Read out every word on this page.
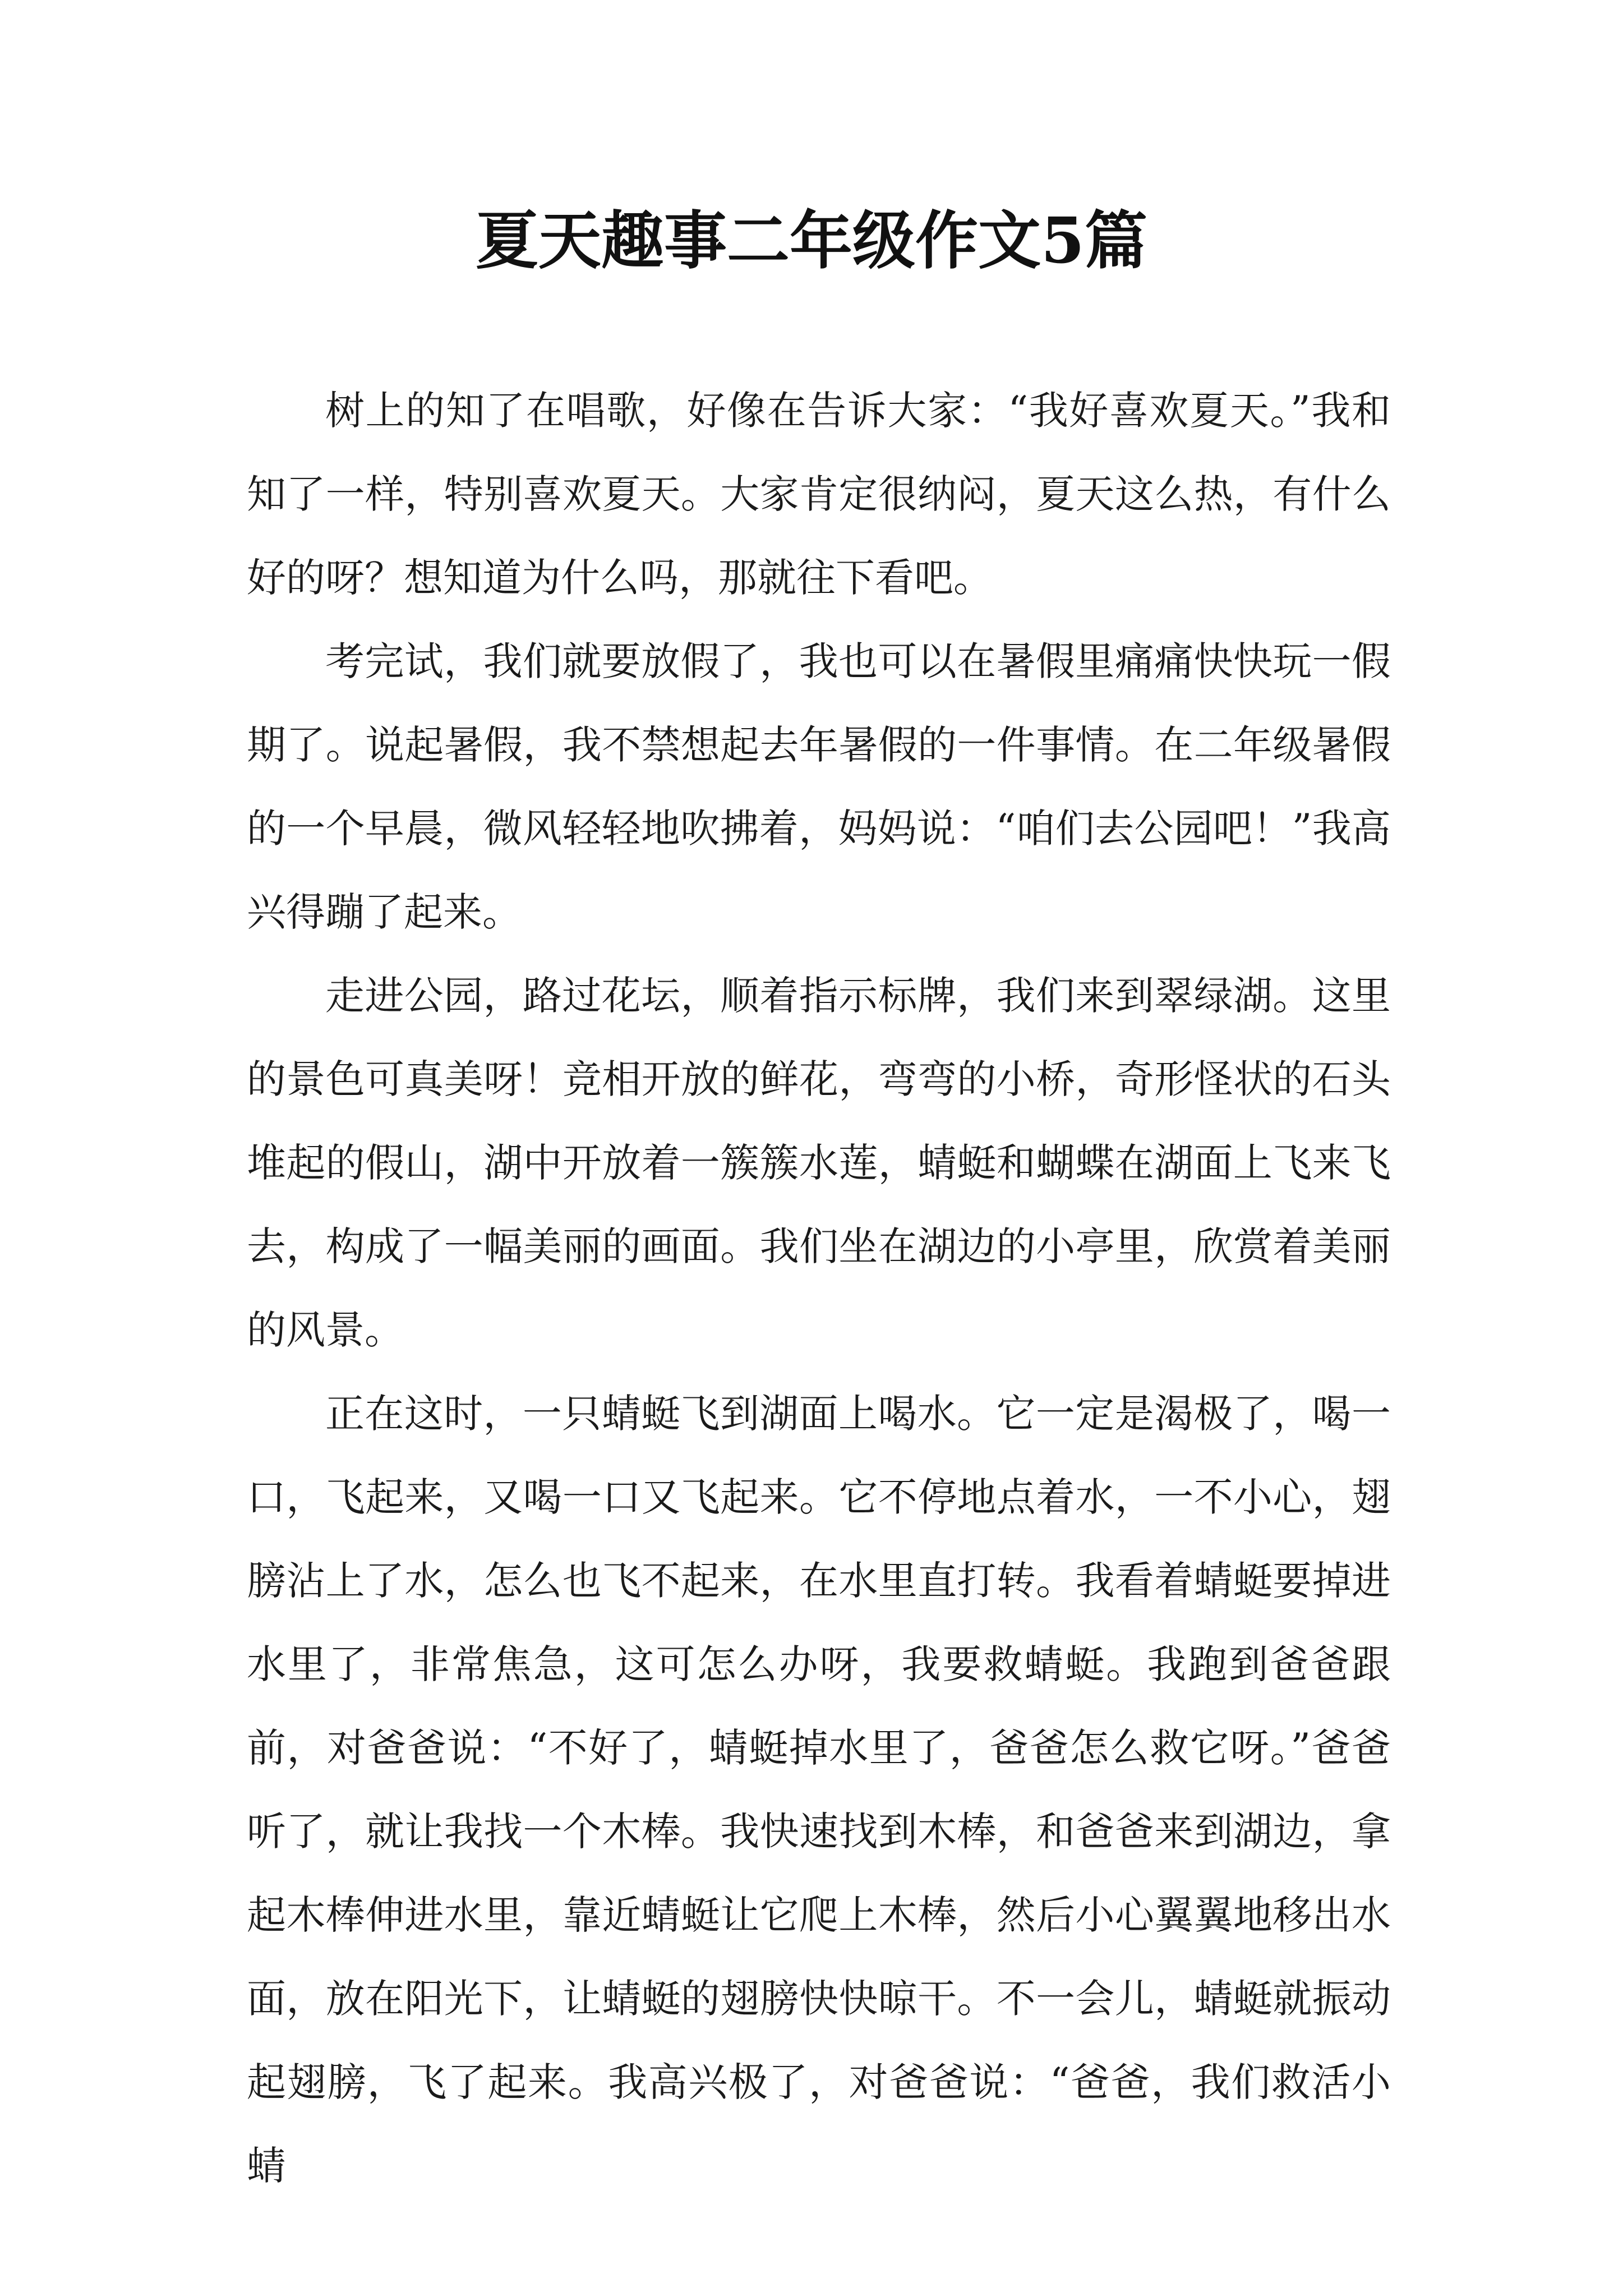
夏天趣事二年级作文5篇

树上的知了在唱歌，好像在告诉大家：“我好喜欢夏天。”我和知了一样，特别喜欢夏天。大家肯定很纳闷，夏天这么热，有什么好的呀？想知道为什么吗，那就往下看吧。

考完试，我们就要放假了，我也可以在暑假里痛痛快快玩一假期了。说起暑假，我不禁想起去年暑假的一件事情。在二年级暑假的一个早晨，微风轻轻地吹拂着，妈妈说：“咱们去公园吧！”我高兴得蹦了起来。

走进公园，路过花坛，顺着指示标牌，我们来到翠绿湖。这里的景色可真美呀！竞相开放的鲜花，弯弯的小桥，奇形怪状的石头堆起的假山，湖中开放着一簇簇水莲，蜻蜓和蝴蝶在湖面上飞来飞去，构成了一幅美丽的画面。我们坐在湖边的小亭里，欣赏着美丽的风景。

正在这时，一只蜻蜓飞到湖面上喝水。它一定是渴极了，喝一口，飞起来，又喝一口又飞起来。它不停地点着水，一不小心，翅膀沾上了水，怎么也飞不起来，在水里直打转。我看着蜻蜓要掉进水里了，非常焦急，这可怎么办呀，我要救蜻蜓。我跑到爸爸跟前，对爸爸说：“不好了，蜻蜓掉水里了，爸爸怎么救它呀。”爸爸听了，就让我找一个木棒。我快速找到木棒，和爸爸来到湖边，拿起木棒伸进水里，靠近蜻蜓让它爬上木棒，然后小心翼翼地移出水面，放在阳光下，让蜻蜓的翅膀快快晾干。不一会儿，蜻蜓就振动起翅膀，飞了起来。我高兴极了，对爸爸说：“爸爸，我们救活小蜻
